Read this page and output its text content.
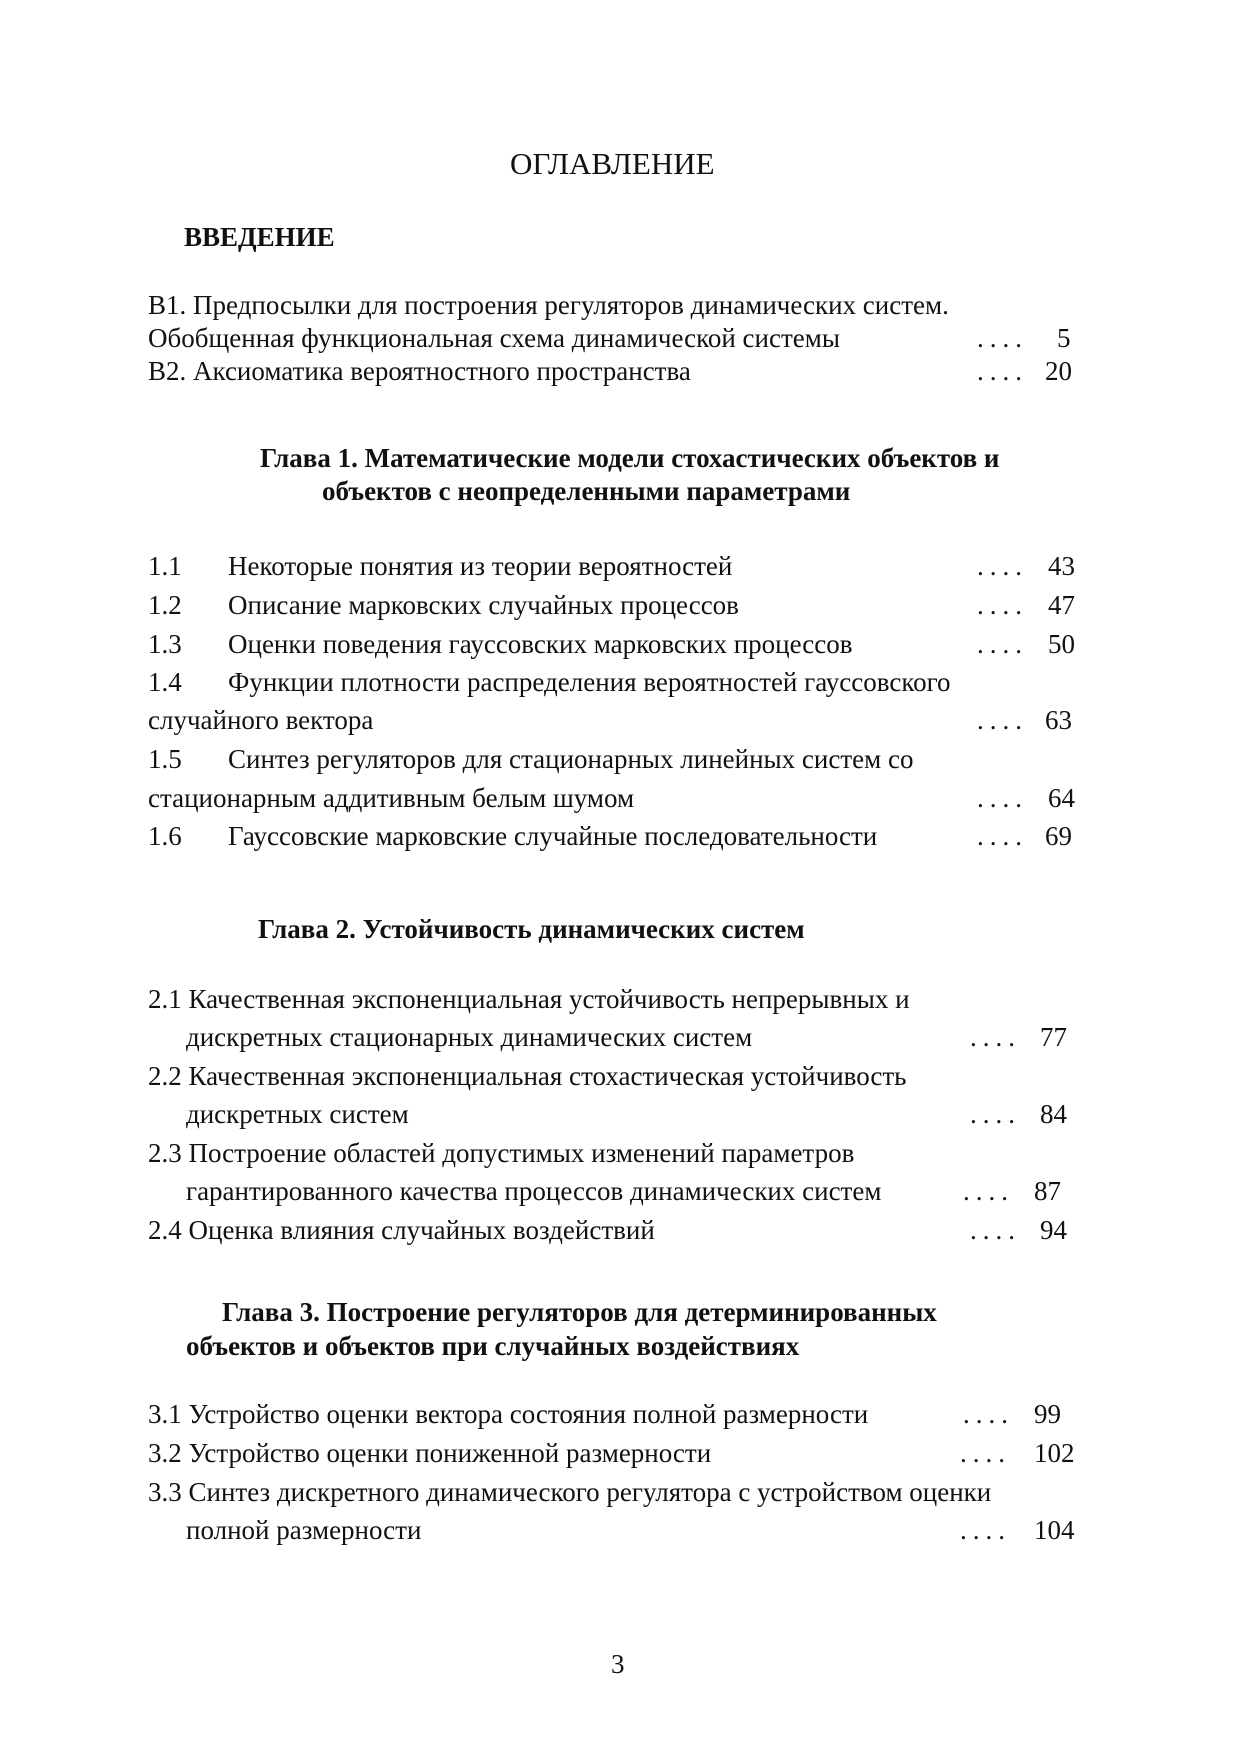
ОГЛАВЛЕНИЕ
ВВЕДЕНИЕ
В1. Предпосылки для построения регуляторов динамических систем.
Обобщенная функциональная схема динамической системы	.... 5
В2. Аксиоматика вероятностного пространства	.... 20
Глава 1. Математические модели стохастических объектов и
объектов с неопределенными параметрами
1.1 Некоторые понятия из теории вероятностей	.... 43
1.2 Описание марковских случайных процессов	.... 47
1.3 Оценки поведения гауссовских марковских процессов	.... 50
1.4 Функции плотности распределения вероятностей гауссовского
случайного вектора	.... 63
1.5 Синтез регуляторов для стационарных линейных систем со
стационарным аддитивным белым шумом	.... 64
1.6 Гауссовские марковские случайные последовательности	.... 69
Глава 2. Устойчивость динамических систем
2.1 Качественная экспоненциальная устойчивость непрерывных и
дискретных стационарных динамических систем	.... 77
2.2 Качественная экспоненциальная стохастическая устойчивость
дискретных систем	.... 84
2.3 Построение областей допустимых изменений параметров
гарантированного качества процессов динамических систем	.... 87
2.4 Оценка влияния случайных воздействий	.... 94
Глава 3. Построение регуляторов для детерминированных
объектов и объектов при случайных воздействиях
3.1 Устройство оценки вектора состояния полной размерности	.... 99
3.2 Устройство оценки пониженной размерности	.... 102
3.3 Синтез дискретного динамического регулятора с устройством оценки
полной размерности	.... 104
3
